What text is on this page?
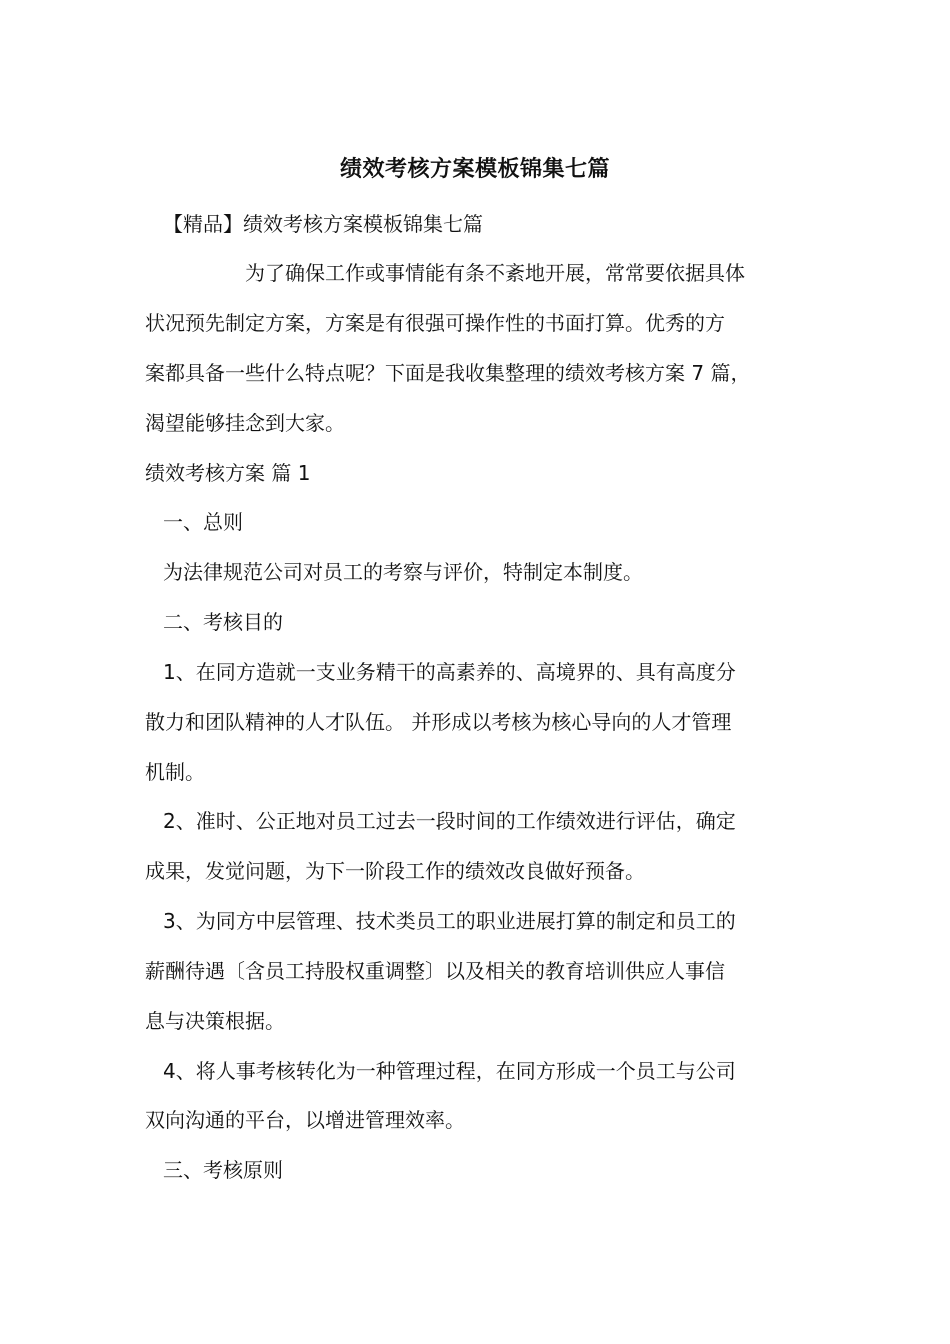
绩效考核方案模板锦集七篇
【精品】绩效考核方案模板锦集七篇
为了确保工作或事情能有条不紊地开展，常常要依据具体
状况预先制定方案，方案是有很强可操作性的书面打算。优秀的方
案都具备一些什么特点呢？下面是我收集整理的绩效考核方案 7 篇，
渴望能够挂念到大家。
绩效考核方案 篇 1
一、总则
为法律规范公司对员工的考察与评价，特制定本制度。
二、考核目的
1、在同方造就一支业务精干的高素养的、高境界的、具有高度分
散力和团队精神的人才队伍。 并形成以考核为核心导向的人才管理
机制。
2、准时、公正地对员工过去一段时间的工作绩效进行评估，确定
成果，发觉问题，为下一阶段工作的绩效改良做好预备。
3、为同方中层管理、技术类员工的职业进展打算的制定和员工的
薪酬待遇〔含员工持股权重调整〕以及相关的教育培训供应人事信
息与决策根据。
4、将人事考核转化为一种管理过程，在同方形成一个员工与公司
双向沟通的平台，以增进管理效率。
三、考核原则
